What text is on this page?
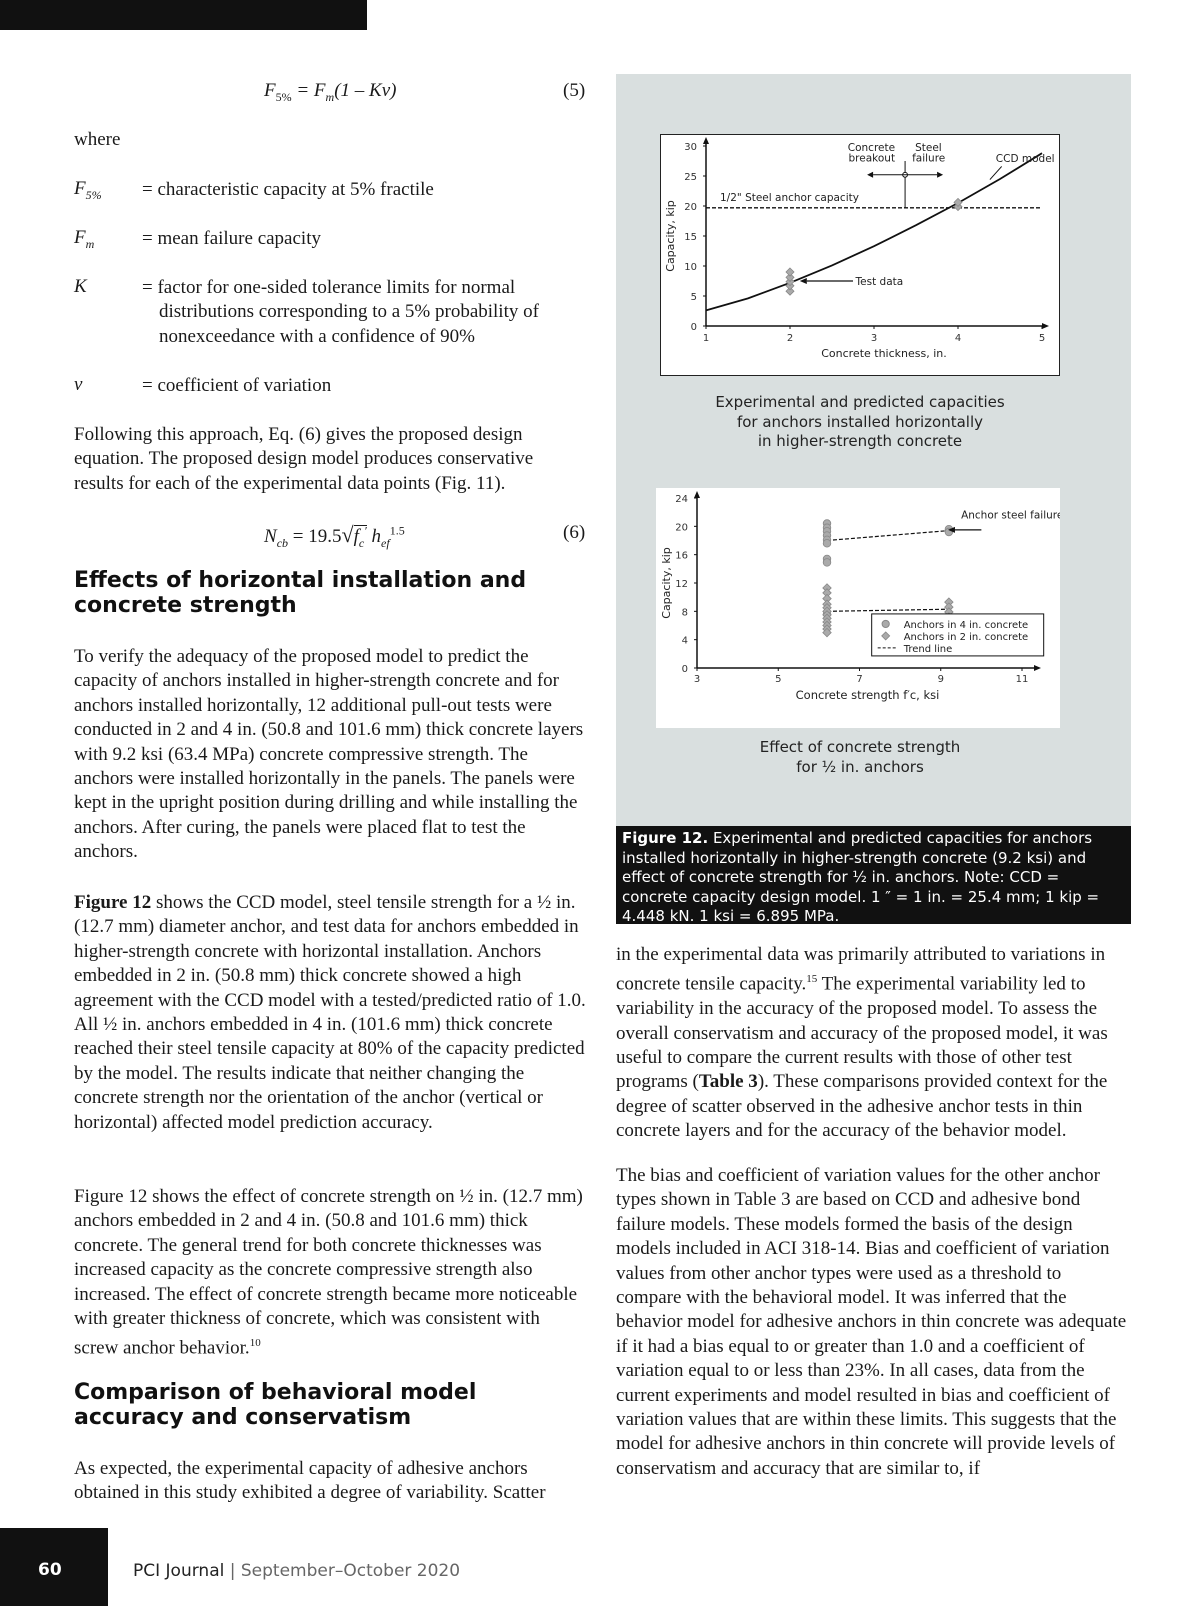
$F_{5\%} = F_m(1 - K\nu)$	(5)
where
$F_{5\%}$ = characteristic capacity at 5% fractile
$F_m$	= mean failure capacity
K	= factor for one-sided tolerance limits for normal
distributions corresponding to a 5% probability of
nonexceedance with a confidence of 90%
ν	= coefficient of variation

Following this approach, Eq. (6) gives the proposed design equation. The proposed design model produces conservative results for each of the experimental data points (Fig. 11).

$N_{cb} = 19.5√f_c'$ $h_{ef}^{1.5}$	(6)
Effects of horizontal installation and concrete strength

To verify the adequacy of the proposed model to predict the capacity of anchors installed in higher-strength concrete and for anchors installed horizontally, 12 additional pull-out tests were conducted in 2 and 4 in. (50.8 and 101.6 mm) thick concrete layers with 9.2 ksi (63.4 MPa) concrete compressive strength. The anchors were installed horizontally in the panels. The panels were kept in the upright position during drilling and while installing the anchors. After curing, the panels were placed flat to test the anchors.

Figure 12 shows the CCD model, steel tensile strength for a ½ in. (12.7 mm) diameter anchor, and test data for anchors embedded in higher-strength concrete with horizontal installation. Anchors embedded in 2 in. (50.8 mm) thick concrete showed a high agreement with the CCD model with a tested/predicted ratio of 1.0. All ½ in. anchors embedded in 4 in. (101.6 mm) thick concrete reached their steel tensile capacity at 80% of the capacity predicted by the model. The results indicate that neither changing the concrete strength nor the orientation of the anchor (vertical or horizontal) affected model prediction accuracy.

Figure 12 shows the effect of concrete strength on ½ in. (12.7 mm) anchors embedded in 2 and 4 in. (50.8 and 101.6 mm) thick concrete. The general trend for both concrete thicknesses was increased capacity as the concrete compressive strength also increased. The effect of concrete strength became more noticeable with greater thickness of concrete, which was consistent with screw anchor behavior.$^{10}$

Comparison of behavioral model accuracy and conservatism

As expected, the experimental capacity of adhesive anchors obtained in this study exhibited a degree of variability. Scatter

0
5
10
15
20
25
30
1	2	3	4	5
Concrete thickness, in.
Capacity, kip
1/2" Steel anchor capacity
CCD model
Concrete
breakout
Steel
failure
Test data
Experimental and predicted capacities
for anchors installed horizontally
in higher-strength concrete
0
4
8
12
16
20
24
3	5	7	9	11
Concrete strength f′c, ksi
Capacity, kip
Anchor steel failures
Anchors in 4 in. concrete
Anchors in 2 in. concrete
Trend line
Effect of concrete strength
for ½ in. anchors
Figure 12. Experimental and predicted capacities for anchors installed horizontally in higher-strength concrete (9.2 ksi) and effect of concrete strength for ½ in. anchors. Note: CCD = concrete capacity design model. 1 ″ = 1 in. = 25.4 mm; 1 kip = 4.448 kN. 1 ksi = 6.895 MPa.

in the experimental data was primarily attributed to variations in concrete tensile capacity.$^{15}$ The experimental variability led to variability in the accuracy of the proposed model. To assess the overall conservatism and accuracy of the proposed model, it was useful to compare the current results with those of other test programs (Table 3). These comparisons provided context for the degree of scatter observed in the adhesive anchor tests in thin concrete layers and for the accuracy of the behavior model.

The bias and coefficient of variation values for the other anchor types shown in Table 3 are based on CCD and adhesive bond failure models. These models formed the basis of the design models included in ACI 318-14. Bias and coefficient of variation values from other anchor types were used as a threshold to compare with the behavioral model. It was inferred that the behavior model for adhesive anchors in thin concrete was adequate if it had a bias equal to or greater than 1.0 and a coefficient of variation equal to or less than 23%. In all cases, data from the current experiments and model resulted in bias and coefficient of variation values that are within these limits. This suggests that the model for adhesive anchors in thin concrete will provide levels of conservatism and accuracy that are similar to, if

60	PCI Journal | September–October 2020
